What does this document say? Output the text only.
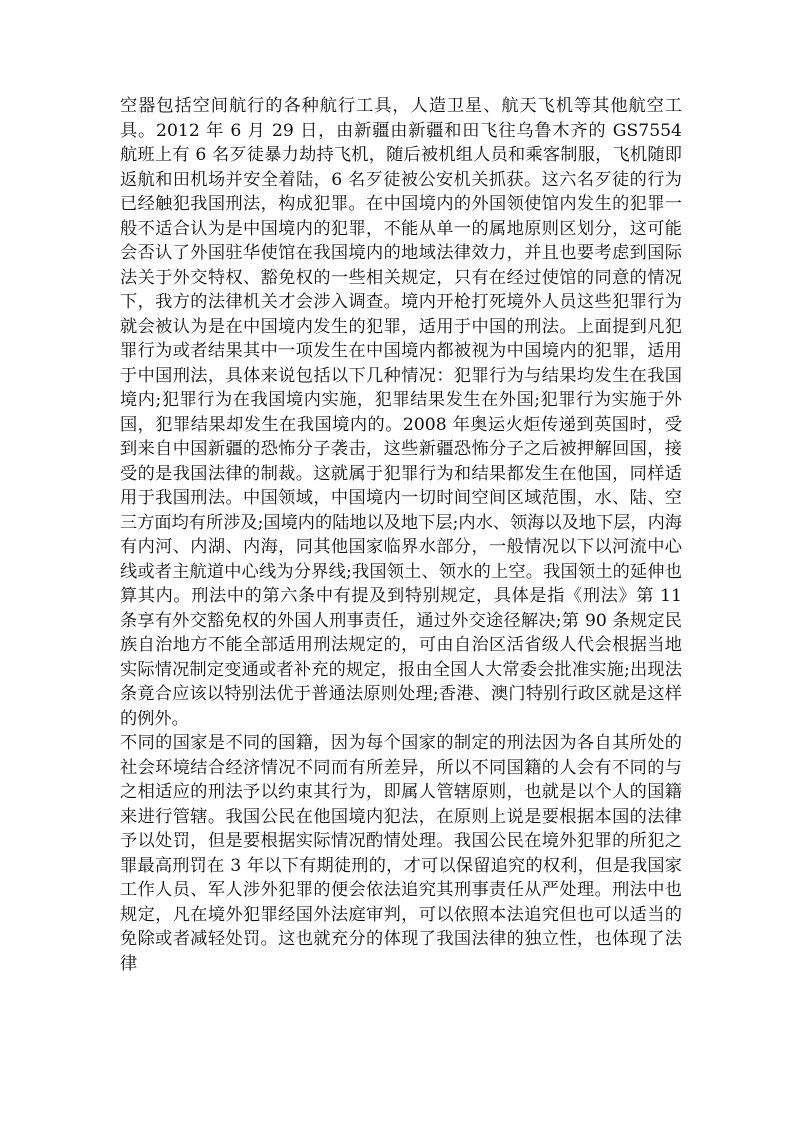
空器包括空间航行的各种航行工具，人造卫星、航天飞机等其他航空工具。2012 年 6 月 29 日，由新疆由新疆和田飞往乌鲁木齐的 GS7554 航班上有 6 名歹徒暴力劫持飞机，随后被机组人员和乘客制服，飞机随即返航和田机场并安全着陆，6 名歹徒被公安机关抓获。这六名歹徒的行为已经触犯我国刑法，构成犯罪。在中国境内的外国领使馆内发生的犯罪一般不适合认为是中国境内的犯罪，不能从单一的属地原则区划分，这可能会否认了外国驻华使馆在我国境内的地域法律效力，并且也要考虑到国际法关于外交特权、豁免权的一些相关规定，只有在经过使馆的同意的情况下，我方的法律机关才会涉入调查。境内开枪打死境外人员这些犯罪行为就会被认为是在中国境内发生的犯罪，适用于中国的刑法。上面提到凡犯罪行为或者结果其中一项发生在中国境内都被视为中国境内的犯罪，适用于中国刑法，具体来说包括以下几种情况：犯罪行为与结果均发生在我国境内;犯罪行为在我国境内实施，犯罪结果发生在外国;犯罪行为实施于外国，犯罪结果却发生在我国境内的。2008 年奥运火炬传递到英国时，受到来自中国新疆的恐怖分子袭击，这些新疆恐怖分子之后被押解回国，接受的是我国法律的制裁。这就属于犯罪行为和结果都发生在他国，同样适用于我国刑法。中国领域，中国境内一切时间空间区域范围，水、陆、空三方面均有所涉及;国境内的陆地以及地下层;内水、领海以及地下层，内海有内河、内湖、内海，同其他国家临界水部分，一般情况以下以河流中心线或者主航道中心线为分界线;我国领土、领水的上空。我国领土的延伸也算其内。刑法中的第六条中有提及到特别规定，具体是指《刑法》第 11 条享有外交豁免权的外国人刑事责任，通过外交途径解决;第 90 条规定民族自治地方不能全部适用刑法规定的，可由自治区活省级人代会根据当地实际情况制定变通或者补充的规定，报由全国人大常委会批准实施;出现法条竟合应该以特别法优于普通法原则处理;香港、澳门特别行政区就是这样的例外。

不同的国家是不同的国籍，因为每个国家的制定的刑法因为各自其所处的社会环境结合经济情况不同而有所差异，所以不同国籍的人会有不同的与之相适应的刑法予以约束其行为，即属人管辖原则，也就是以个人的国籍来进行管辖。我国公民在他国境内犯法，在原则上说是要根据本国的法律予以处罚，但是要根据实际情况酌情处理。我国公民在境外犯罪的所犯之罪最高刑罚在 3 年以下有期徒刑的，才可以保留追究的权利，但是我国家工作人员、军人涉外犯罪的便会依法追究其刑事责任从严处理。刑法中也规定，凡在境外犯罪经国外法庭审判，可以依照本法追究但也可以适当的免除或者减轻处罚。这也就充分的体现了我国法律的独立性，也体现了法律
